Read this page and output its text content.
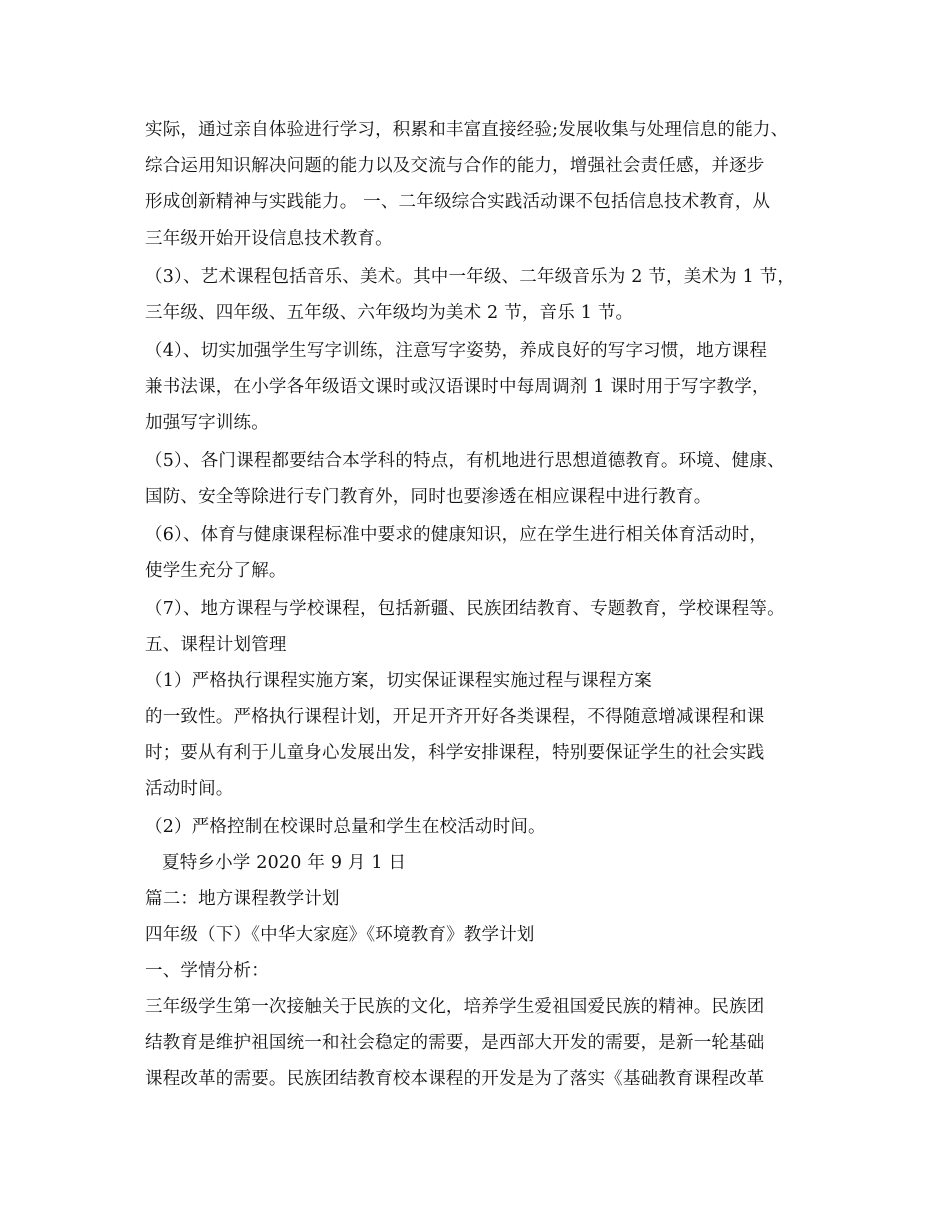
实际，通过亲自体验进行学习，积累和丰富直接经验;发展收集与处理信息的能力、
综合运用知识解决问题的能力以及交流与合作的能力，增强社会责任感，并逐步
形成创新精神与实践能力。 一、二年级综合实践活动课不包括信息技术教育，从
三年级开始开设信息技术教育。
（3）、艺术课程包括音乐、美术。其中一年级、二年级音乐为 2 节，美术为 1 节，
三年级、四年级、五年级、六年级均为美术 2 节，音乐 1 节。
（4）、切实加强学生写字训练，注意写字姿势，养成良好的写字习惯，地方课程
兼书法课，在小学各年级语文课时或汉语课时中每周调剂 1 课时用于写字教学，
加强写字训练。
（5）、各门课程都要结合本学科的特点，有机地进行思想道德教育。环境、健康、
国防、安全等除进行专门教育外，同时也要渗透在相应课程中进行教育。
（6）、体育与健康课程标准中要求的健康知识，应在学生进行相关体育活动时，
使学生充分了解。
（7）、地方课程与学校课程，包括新疆、民族团结教育、专题教育，学校课程等。
五、课程计划管理
（1）严格执行课程实施方案，切实保证课程实施过程与课程方案
的一致性。严格执行课程计划，开足开齐开好各类课程，不得随意增减课程和课
时；要从有利于儿童身心发展出发，科学安排课程，特别要保证学生的社会实践
活动时间。
（2）严格控制在校课时总量和学生在校活动时间。
夏特乡小学 2020 年 9 月 1 日
篇二：地方课程教学计划
四年级（下）《中华大家庭》《环境教育》教学计划
一、学情分析：
三年级学生第一次接触关于民族的文化，培养学生爱祖国爱民族的精神。民族团
结教育是维护祖国统一和社会稳定的需要，是西部大开发的需要，是新一轮基础
课程改革的需要。民族团结教育校本课程的开发是为了落实《基础教育课程改革
